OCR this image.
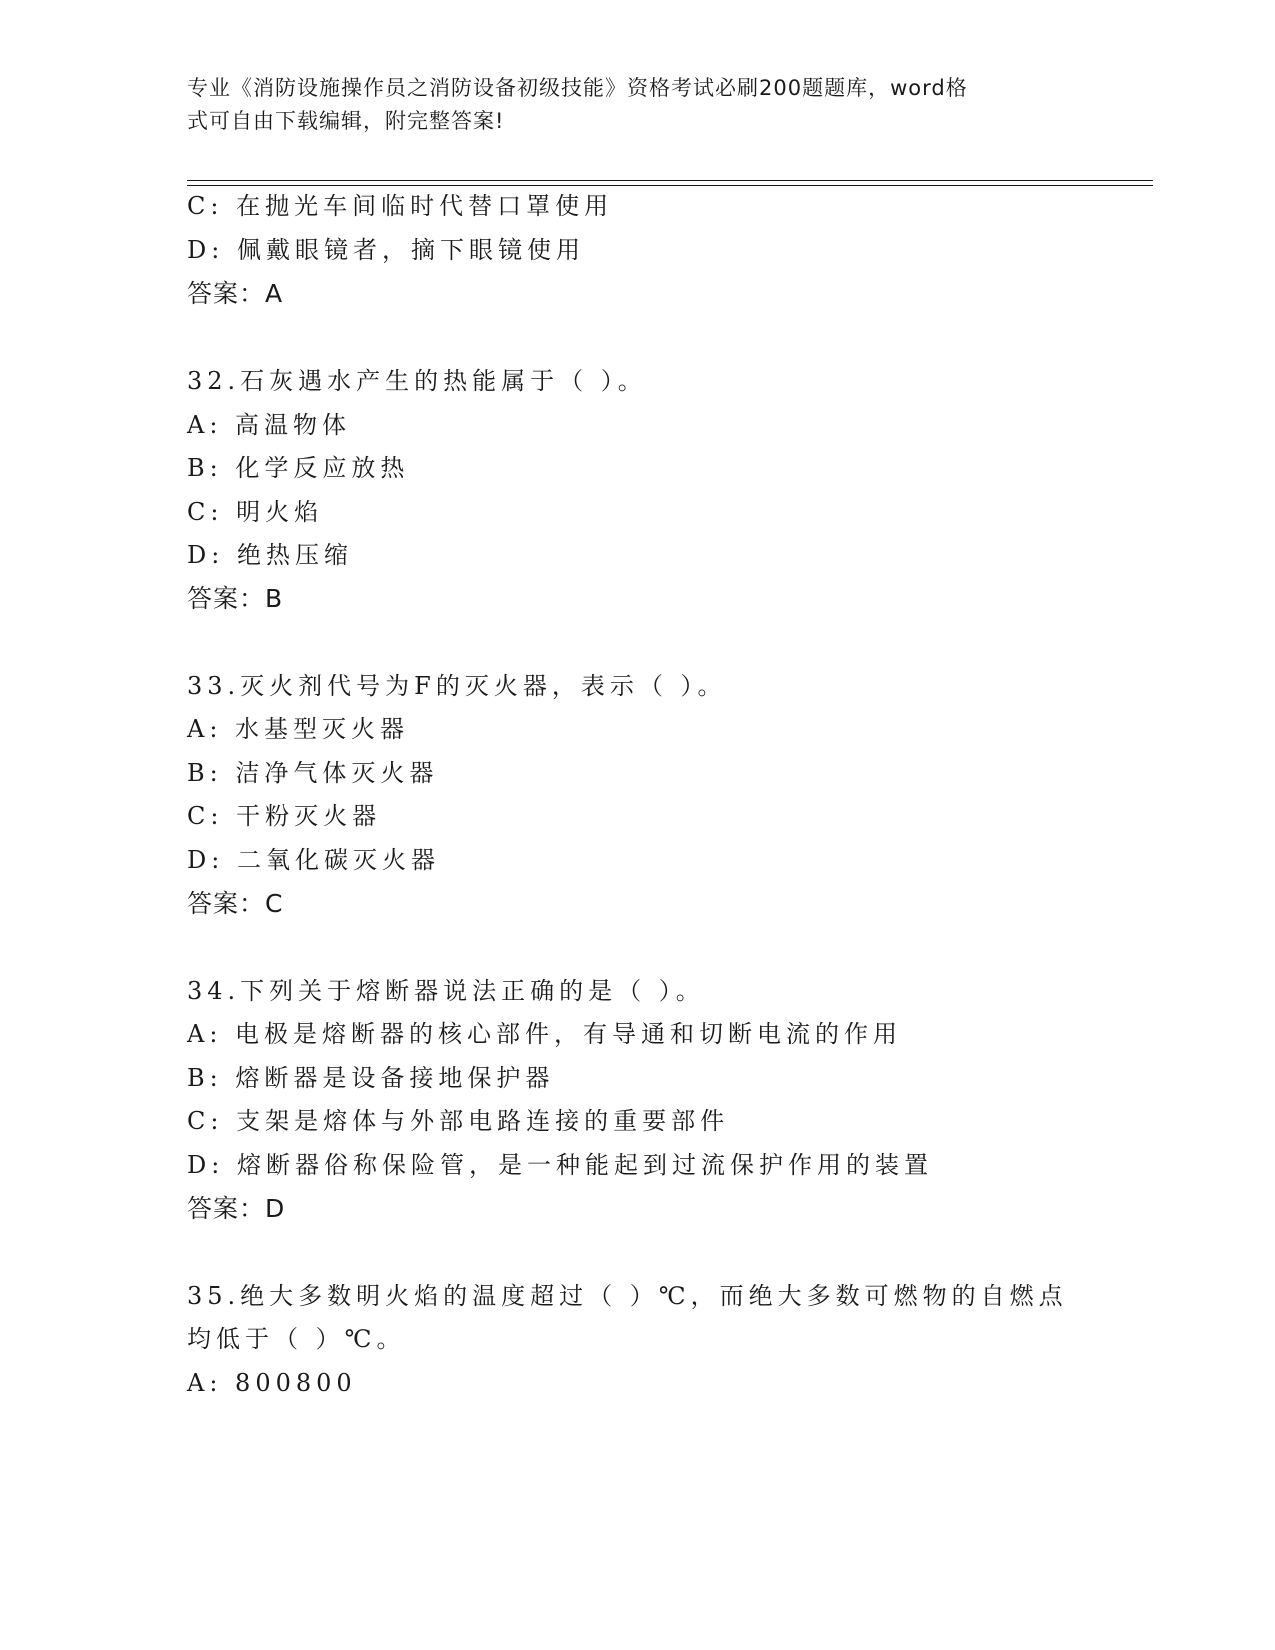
专业《消防设施操作员之消防设备初级技能》资格考试必刷200题题库，word格
式可自由下载编辑，附完整答案!
C: 在抛光车间临时代替口罩使用
D: 佩戴眼镜者，摘下眼镜使用
答案：A
32.石灰遇水产生的热能属于（ ）。
A: 高温物体
B: 化学反应放热
C: 明火焰
D: 绝热压缩
答案：B
33.灭火剂代号为F的灭火器，表示（ ）。
A: 水基型灭火器
B: 洁净气体灭火器
C: 干粉灭火器
D: 二氧化碳灭火器
答案：C
34.下列关于熔断器说法正确的是（ ）。
A: 电极是熔断器的核心部件，有导通和切断电流的作用
B: 熔断器是设备接地保护器
C: 支架是熔体与外部电路连接的重要部件
D: 熔断器俗称保险管，是一种能起到过流保护作用的装置
答案：D
35.绝大多数明火焰的温度超过（ ）℃，而绝大多数可燃物的自燃点
均低于（ ）℃。
A: 800800
